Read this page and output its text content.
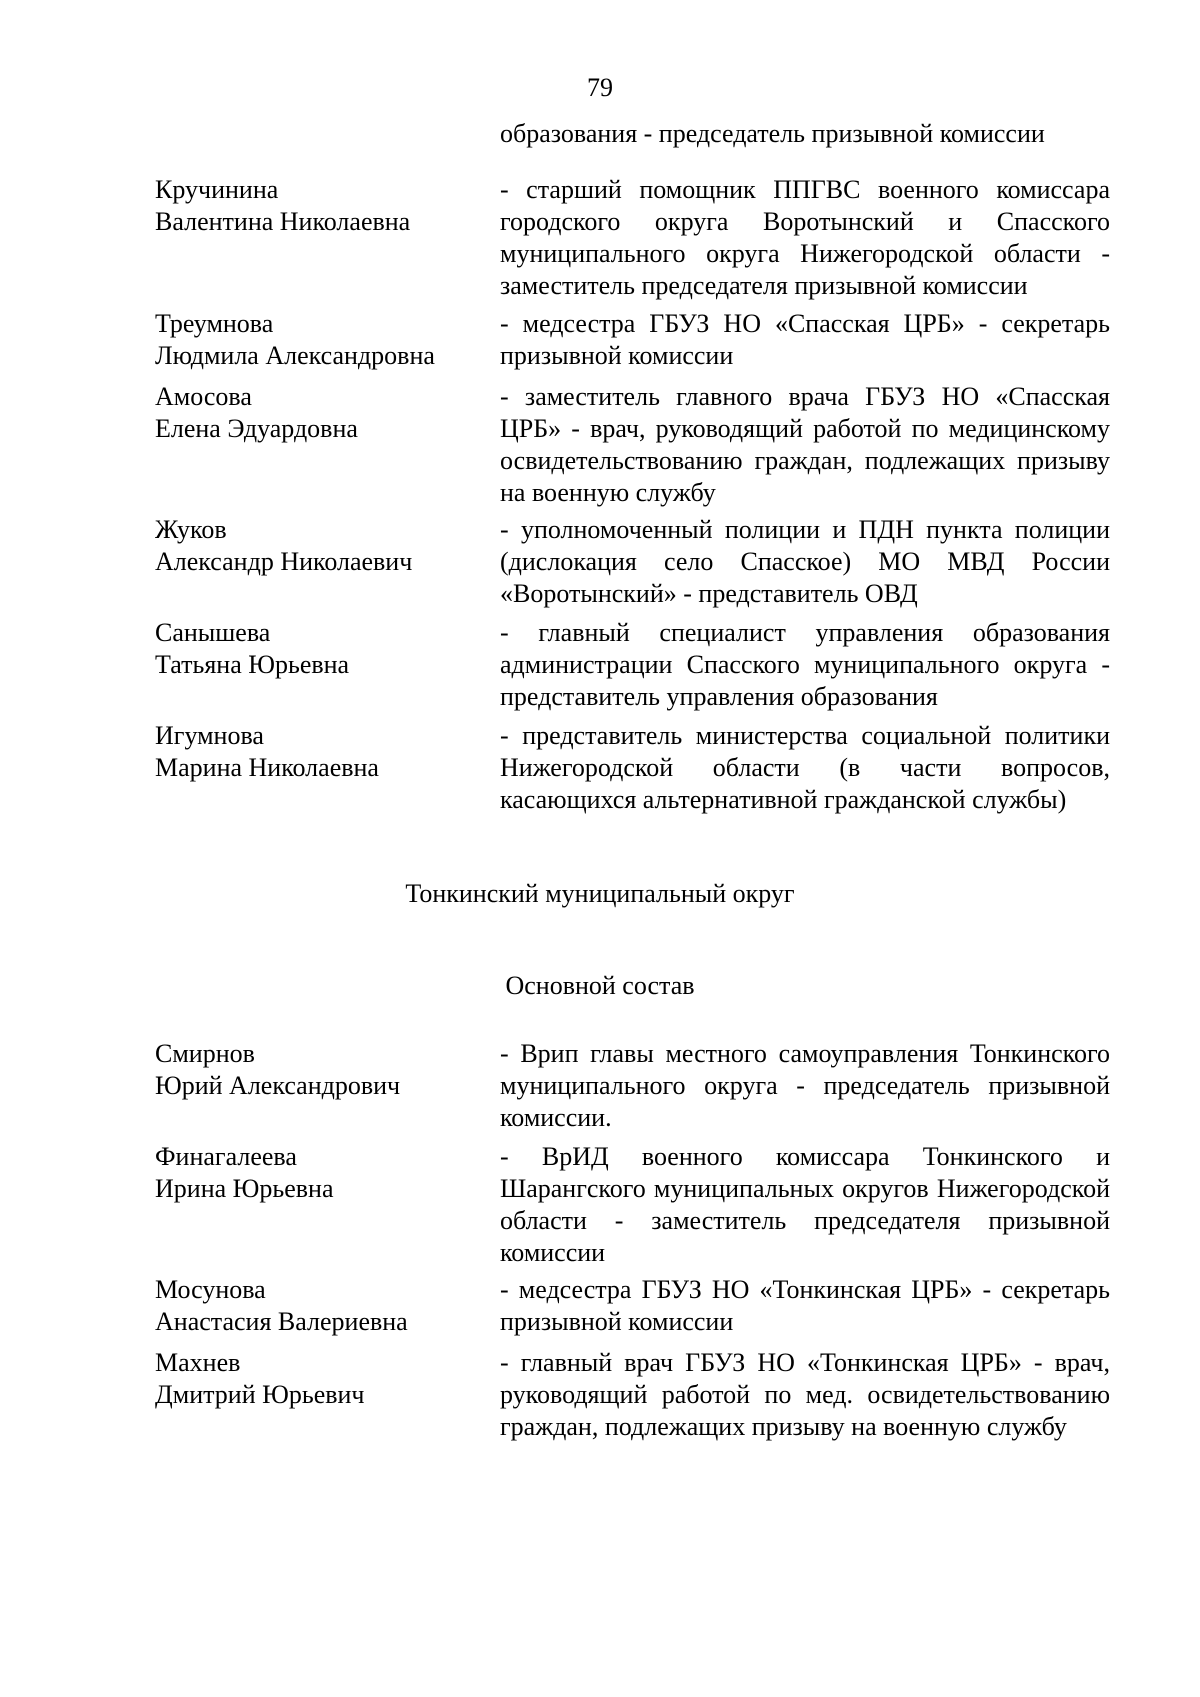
79
образования - председатель призывной комиссии
Кручинина
Валентина Николаевна
- старший помощник ППГВС военного комиссара городского округа Воротынский и Спасского муниципального округа Нижегородской области - заместитель председателя призывной комиссии
Треумнова
Людмила Александровна
- медсестра ГБУЗ НО «Спасская ЦРБ» - секретарь призывной комиссии
Амосова
Елена Эдуардовна
- заместитель главного врача ГБУЗ НО «Спасская ЦРБ» - врач, руководящий работой по медицинскому освидетельствованию граждан, подлежащих призыву на военную службу
Жуков
Александр Николаевич
- уполномоченный полиции и ПДН пункта полиции (дислокация село Спасское) МО МВД России «Воротынский» - представитель ОВД
Санышева
Татьяна Юрьевна
- главный специалист управления образования администрации Спасского муниципального округа - представитель управления образования
Игумнова
Марина Николаевна
- представитель министерства социальной политики Нижегородской области (в части вопросов, касающихся альтернативной гражданской службы)
Тонкинский муниципальный округ
Основной состав
Смирнов
Юрий Александрович
- Врип главы местного самоуправления Тонкинского муниципального округа - председатель призывной комиссии.
Финагалеева
Ирина Юрьевна
- ВрИД военного комиссара Тонкинского и Шарангского муниципальных округов Нижегородской области - заместитель председателя призывной комиссии
Мосунова
Анастасия Валериевна
- медсестра ГБУЗ НО «Тонкинская ЦРБ» - секретарь призывной комиссии
Махнев
Дмитрий Юрьевич
- главный врач ГБУЗ НО «Тонкинская ЦРБ» - врач, руководящий работой по мед. освидетельствованию граждан, подлежащих призыву на военную службу
